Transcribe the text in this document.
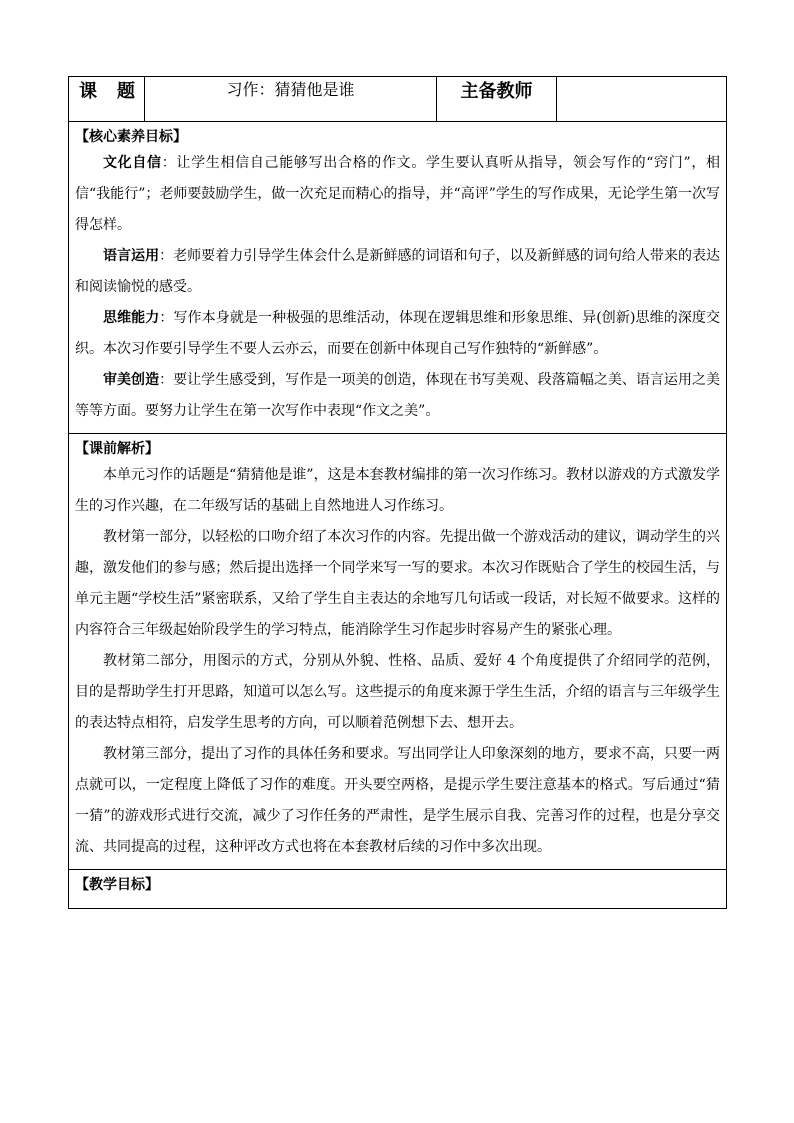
课　题	习作：猜猜他是谁	主备教师	

【核心素养目标】

文化自信：让学生相信自己能够写出合格的作文。学生要认真听从指导，领会写作的“窍门”，相信“我能行”；老师要鼓励学生，做一次充足而精心的指导，并“高评”学生的写作成果，无论学生第一次写得怎样。

语言运用：老师要着力引导学生体会什么是新鲜感的词语和句子，以及新鲜感的词句给人带来的表达和阅读愉悦的感受。

思维能力：写作本身就是一种极强的思维活动，体现在逻辑思维和形象思维、异(创新)思维的深度交织。本次习作要引导学生不要人云亦云，而要在创新中体现自己写作独特的“新鲜感”。

审美创造：要让学生感受到，写作是一项美的创造，体现在书写美观、段落篇幅之美、语言运用之美等等方面。要努力让学生在第一次写作中表现“作文之美”。

【课前解析】

本单元习作的话题是“猜猜他是谁”，这是本套教材编排的第一次习作练习。教材以游戏的方式激发学生的习作兴趣，在二年级写话的基础上自然地进人习作练习。

教材第一部分，以轻松的口吻介绍了本次习作的内容。先提出做一个游戏活动的建议，调动学生的兴趣，激发他们的参与感；然后提出选择一个同学来写一写的要求。本次习作既贴合了学生的校园生活，与单元主题“学校生活”紧密联系，又给了学生自主表达的余地写几句话或一段话，对长短不做要求。这样的内容符合三年级起始阶段学生的学习特点，能消除学生习作起步时容易产生的紧张心理。

教材第二部分，用图示的方式，分别从外貌、性格、品质、爱好 4 个角度提供了介绍同学的范例，目的是帮助学生打开思路，知道可以怎么写。这些提示的角度来源于学生生活，介绍的语言与三年级学生的表达特点相符，启发学生思考的方向，可以顺着范例想下去、想开去。

教材第三部分，提出了习作的具体任务和要求。写出同学让人印象深刻的地方，要求不高，只要一两点就可以，一定程度上降低了习作的难度。开头要空两格，是提示学生要注意基本的格式。写后通过“猜一猜”的游戏形式进行交流，减少了习作任务的严肃性，是学生展示自我、完善习作的过程，也是分享交流、共同提高的过程，这种评改方式也将在本套教材后续的习作中多次出现。

【教学目标】
